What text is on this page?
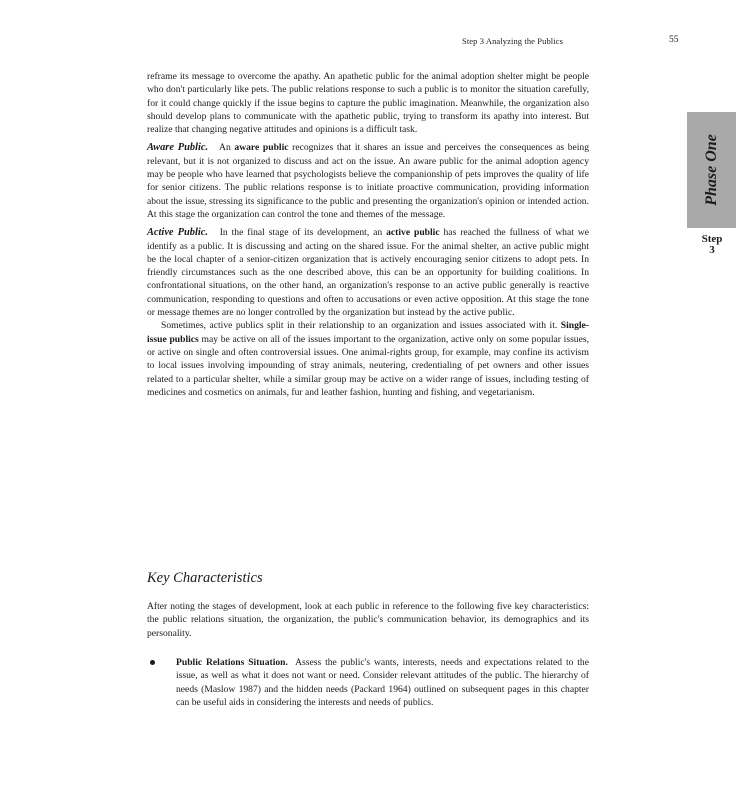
Step 3 Analyzing the Publics	55
Phase One
Step
3

reframe its message to overcome the apathy. An apathetic public for the animal adoption shelter might be people who don't particularly like pets. The public relations response to such a public is to monitor the situation carefully, for it could change quickly if the issue begins to capture the public imagination. Meanwhile, the organization also should develop plans to communicate with the apathetic public, trying to transform its apathy into interest. But realize that changing negative attitudes and opinions is a difficult task.

Aware Public. An aware public recognizes that it shares an issue and perceives the consequences as being relevant, but it is not organized to discuss and act on the issue. An aware public for the animal adoption agency may be people who have learned that psychologists believe the companionship of pets improves the quality of life for senior citizens. The public relations response is to initiate proactive communication, providing information about the issue, stressing its significance to the public and presenting the organization's opinion or intended action. At this stage the organization can control the tone and themes of the message.

Active Public. In the final stage of its development, an active public has reached the fullness of what we identify as a public. It is discussing and acting on the shared issue. For the animal shelter, an active public might be the local chapter of a senior-citizen organization that is actively encouraging senior citizens to adopt pets. In friendly circumstances such as the one described above, this can be an opportunity for building coalitions. In confrontational situations, on the other hand, an organization's response to an active public generally is reactive communication, responding to questions and often to accusations or even active opposition. At this stage the tone or message themes are no longer controlled by the organization but instead by the active public.

Sometimes, active publics split in their relationship to an organization and issues associated with it. Single-issue publics may be active on all of the issues important to the organization, active only on some popular issues, or active on single and often controversial issues. One animal-rights group, for example, may confine its activism to local issues involving impounding of stray animals, neutering, credentialing of pet owners and other issues related to a particular shelter, while a similar group may be active on a wider range of issues, including testing of medicines and cosmetics on animals, fur and leather fashion, hunting and fishing, and vegetarianism.

Key Characteristics

After noting the stages of development, look at each public in reference to the following five key characteristics: the public relations situation, the organization, the public's communication behavior, its demographics and its personality.

Public Relations Situation.  Assess the public's wants, interests, needs and expectations related to the issue, as well as what it does not want or need. Consider relevant attitudes of the public. The hierarchy of needs (Maslow 1987) and the hidden needs (Packard 1964) outlined on subsequent pages in this chapter can be useful aids in considering the interests and needs of publics.
